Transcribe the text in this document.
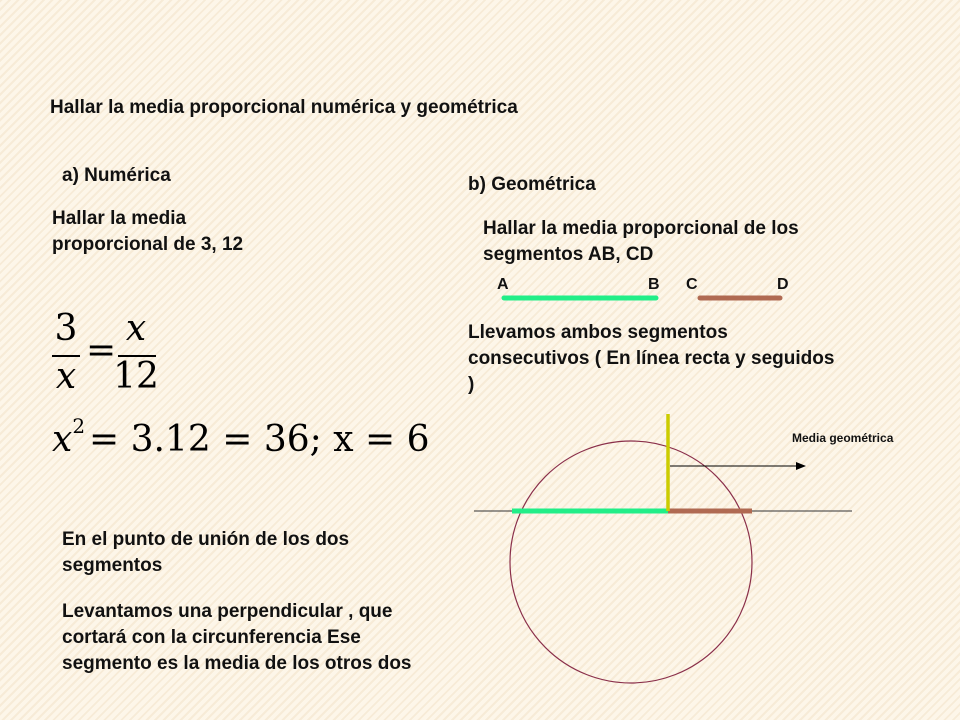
Hallar la media proporcional numérica y geométrica
a) Numérica
Hallar la media proporcional de 3, 12
3
x
=
x
12
$x^2 = 3.12 = 36$; x = 6
En el punto de unión de los dos segmentos
Levantamos una perpendicular , que cortará con la circunferencia Ese segmento es la media de los otros dos
b) Geométrica
Hallar la media proporcional de los segmentos AB, CD
A	B C	D
Llevamos ambos segmentos consecutivos ( En línea recta y seguidos )
Media geométrica
